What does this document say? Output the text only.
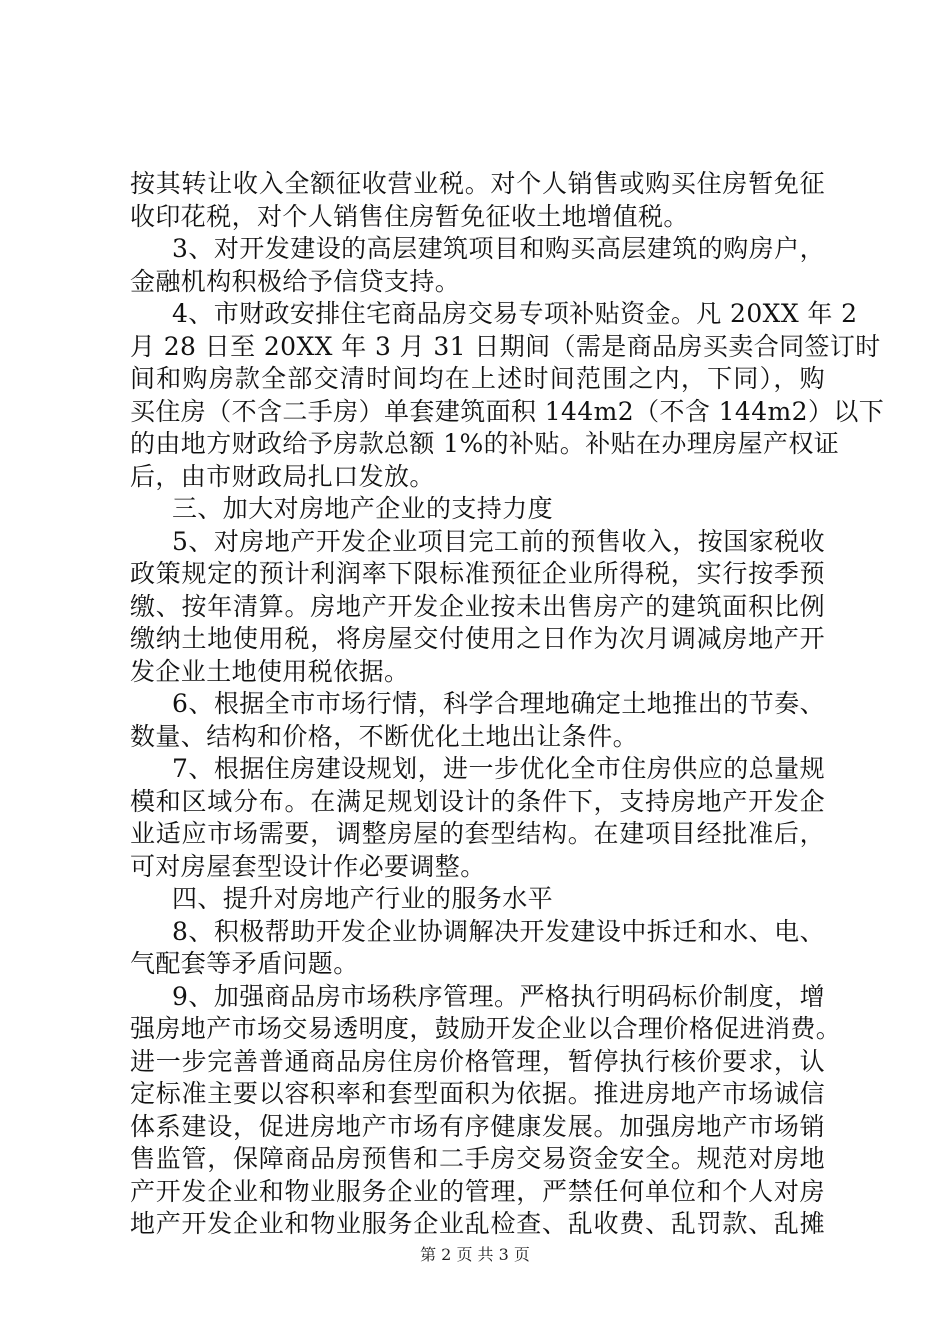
按其转让收入全额征收营业税。对个人销售或购买住房暂免征
收印花税，对个人销售住房暂免征收土地增值税。
3、对开发建设的高层建筑项目和购买高层建筑的购房户，
金融机构积极给予信贷支持。
4、市财政安排住宅商品房交易专项补贴资金。凡 20XX 年 2
月 28 日至 20XX 年 3 月 31 日期间（需是商品房买卖合同签订时
间和购房款全部交清时间均在上述时间范围之内，下同），购
买住房（不含二手房）单套建筑面积 144m2（不含 144m2）以下
的由地方财政给予房款总额 1%的补贴。补贴在办理房屋产权证
后，由市财政局扎口发放。
三、加大对房地产企业的支持力度
5、对房地产开发企业项目完工前的预售收入，按国家税收
政策规定的预计利润率下限标准预征企业所得税，实行按季预
缴、按年清算。房地产开发企业按未出售房产的建筑面积比例
缴纳土地使用税，将房屋交付使用之日作为次月调减房地产开
发企业土地使用税依据。
6、根据全市市场行情，科学合理地确定土地推出的节奏、
数量、结构和价格，不断优化土地出让条件。
7、根据住房建设规划，进一步优化全市住房供应的总量规
模和区域分布。在满足规划设计的条件下，支持房地产开发企
业适应市场需要，调整房屋的套型结构。在建项目经批准后，
可对房屋套型设计作必要调整。
四、提升对房地产行业的服务水平
8、积极帮助开发企业协调解决开发建设中拆迁和水、电、
气配套等矛盾问题。
9、加强商品房市场秩序管理。严格执行明码标价制度，增
强房地产市场交易透明度，鼓励开发企业以合理价格促进消费。
进一步完善普通商品房住房价格管理，暂停执行核价要求，认
定标准主要以容积率和套型面积为依据。推进房地产市场诚信
体系建设，促进房地产市场有序健康发展。加强房地产市场销
售监管，保障商品房预售和二手房交易资金安全。规范对房地
产开发企业和物业服务企业的管理，严禁任何单位和个人对房
地产开发企业和物业服务企业乱检查、乱收费、乱罚款、乱摊
第 2 页 共 3 页
